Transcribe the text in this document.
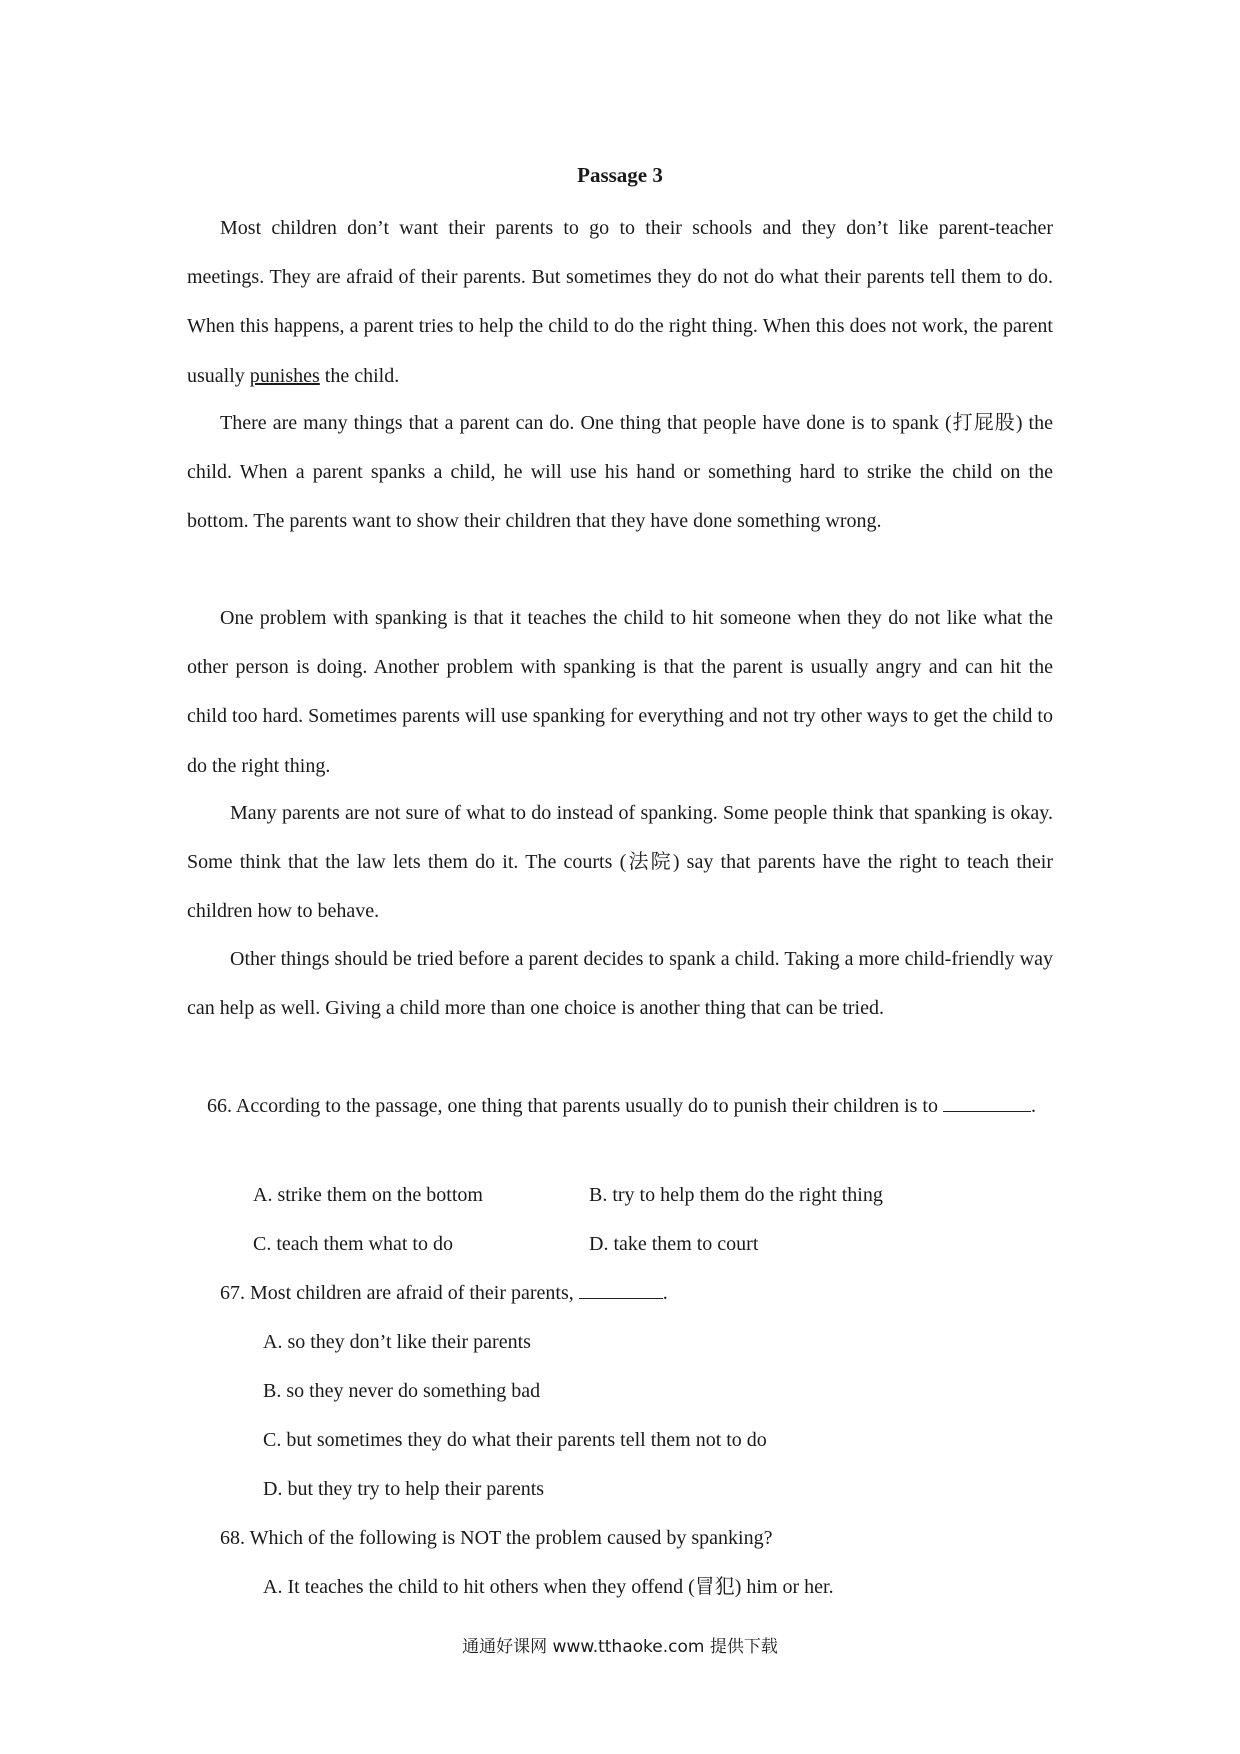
Passage 3

Most children don’t want their parents to go to their schools and they don’t like parent-teacher meetings. They are afraid of their parents. But sometimes they do not do what their parents tell them to do. When this happens, a parent tries to help the child to do the right thing. When this does not work, the parent usually punishes the child.

There are many things that a parent can do. One thing that people have done is to spank (打屁股) the child. When a parent spanks a child, he will use his hand or something hard to strike the child on the bottom. The parents want to show their children that they have done something wrong.

One problem with spanking is that it teaches the child to hit someone when they do not like what the other person is doing. Another problem with spanking is that the parent is usually angry and can hit the child too hard. Sometimes parents will use spanking for everything and not try other ways to get the child to do the right thing.

Many parents are not sure of what to do instead of spanking. Some people think that spanking is okay. Some think that the law lets them do it. The courts (法院) say that parents have the right to teach their children how to behave.

Other things should be tried before a parent decides to spank a child. Taking a more child-friendly way can help as well. Giving a child more than one choice is another thing that can be tried.

66. According to the passage, one thing that parents usually do to punish their children is to	.

A. strike them on the bottom	B. try to help them do the right thing
C. teach them what to do	D. take them to court
67. Most children are afraid of their parents,	.
A. so they don’t like their parents
B. so they never do something bad
C. but sometimes they do what their parents tell them not to do
D. but they try to help their parents
68. Which of the following is NOT the problem caused by spanking?
A. It teaches the child to hit others when they offend (冒犯) him or her.
通通好课网 www.tthaoke.com 提供下载
